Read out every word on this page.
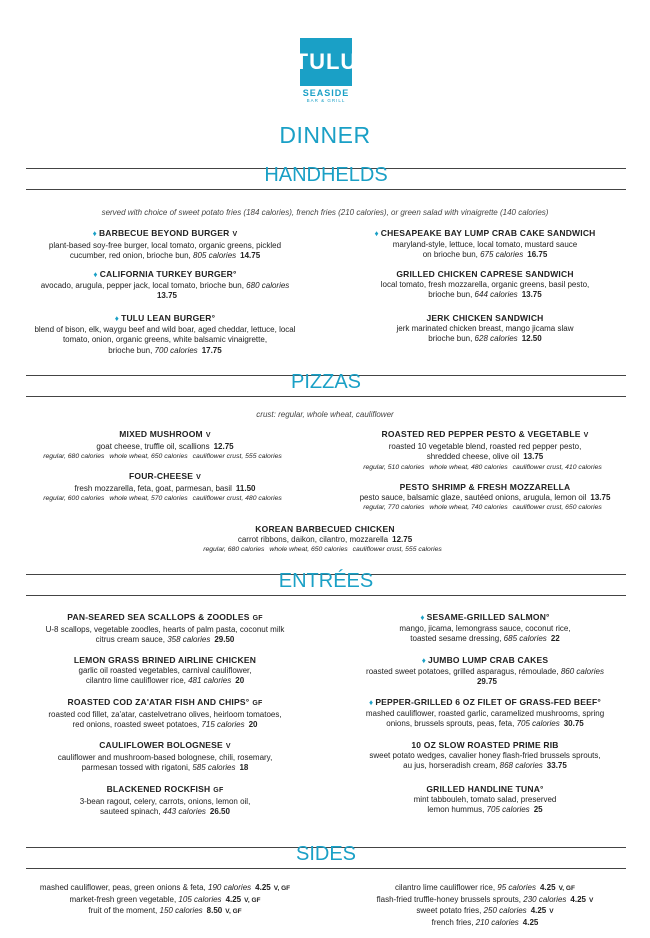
TULU
SEASIDE
BAR & GRILL
DINNER
HANDHELDS
served with choice of sweet potato fries (184 calories), french fries (210 calories), or green salad with vinaigrette (140 calories)
♦ BARBECUE BEYOND BURGER V
plant-based soy-free burger, local tomato, organic greens, pickled
cucumber, red onion, brioche bun, 805 calories 14.75
♦ CALIFORNIA TURKEY BURGER°
avocado, arugula, pepper jack, local tomato, brioche bun, 680 calories
13.75
♦ TULU LEAN BURGER°
blend of bison, elk, waygu beef and wild boar, aged cheddar, lettuce, local
tomato, onion, organic greens, white balsamic vinaigrette,
brioche bun, 700 calories 17.75
♦ CHESAPEAKE BAY LUMP CRAB CAKE SANDWICH
maryland-style, lettuce, local tomato, mustard sauce
on brioche bun, 675 calories 16.75
GRILLED CHICKEN CAPRESE SANDWICH
local tomato, fresh mozzarella, organic greens, basil pesto,
brioche bun, 644 calories 13.75
JERK CHICKEN SANDWICH
jerk marinated chicken breast, mango jicama slaw
brioche bun, 628 calories 12.50
PIZZAS
crust: regular, whole wheat, cauliflower
MIXED MUSHROOM V
goat cheese, truffle oil, scallions 12.75
regular, 680 calories whole wheat, 650 calories cauliflower crust, 555 calories
FOUR-CHEESE V
fresh mozzarella, feta, goat, parmesan, basil 11.50
regular, 600 calories whole wheat, 570 calories cauliflower crust, 480 calories
ROASTED RED PEPPER PESTO & VEGETABLE V
roasted 10 vegetable blend, roasted red pepper pesto,
shredded cheese, olive oil 13.75
regular, 510 calories whole wheat, 480 calories cauliflower crust, 410 calories
PESTO SHRIMP & FRESH MOZZARELLA
pesto sauce, balsamic glaze, sautéed onions, arugula, lemon oil 13.75
regular, 770 calories whole wheat, 740 calories cauliflower crust, 650 calories
KOREAN BARBECUED CHICKEN
carrot ribbons, daikon, cilantro, mozzarella 12.75
regular, 680 calories whole wheat, 650 calories cauliflower crust, 555 calories
ENTRÉES
PAN-SEARED SEA SCALLOPS & ZOODLES GF
U-8 scallops, vegetable zoodles, hearts of palm pasta, coconut milk
citrus cream sauce, 358 calories 29.50
LEMON GRASS BRINED AIRLINE CHICKEN
garlic oil roasted vegetables, carnival cauliflower,
cilantro lime cauliflower rice, 481 calories 20
ROASTED COD ZA'ATAR FISH AND CHIPS° GF
roasted cod fillet, za'atar, castelvetrano olives, heirloom tomatoes,
red onions, roasted sweet potatoes, 715 calories 20
CAULIFLOWER BOLOGNESE V
cauliflower and mushroom-based bolognese, chili, rosemary,
parmesan tossed with rigatoni, 585 calories 18
BLACKENED ROCKFISH GF
3-bean ragout, celery, carrots, onions, lemon oil,
sauteed spinach, 443 calories 26.50
♦ SESAME-GRILLED SALMON°
mango, jicama, lemongrass sauce, coconut rice,
toasted sesame dressing, 685 calories 22
♦ JUMBO LUMP CRAB CAKES
roasted sweet potatoes, grilled asparagus, rémoulade, 860 calories
29.75
♦ PEPPER-GRILLED 6 OZ FILET OF GRASS-FED BEEF°
mashed cauliflower, roasted garlic, caramelized mushrooms, spring
onions, brussels sprouts, peas, feta, 705 calories 30.75
10 OZ SLOW ROASTED PRIME RIB
sweet potato wedges, cavalier honey flash-fried brussels sprouts,
au jus, horseradish cream, 868 calories 33.75
GRILLED HANDLINE TUNA°
mint tabbouleh, tomato salad, preserved
lemon hummus, 705 calories 25
SIDES
mashed cauliflower, peas, green onions & feta, 190 calories 4.25 V, GF
market-fresh green vegetable, 105 calories 4.25 V, GF
fruit of the moment, 150 calories 8.50 V, GF
cilantro lime cauliflower rice, 95 calories 4.25 V, GF
flash-fried truffle-honey brussels sprouts, 230 calories 4.25 V
sweet potato fries, 250 calories 4.25 V
french fries, 210 calories 4.25
